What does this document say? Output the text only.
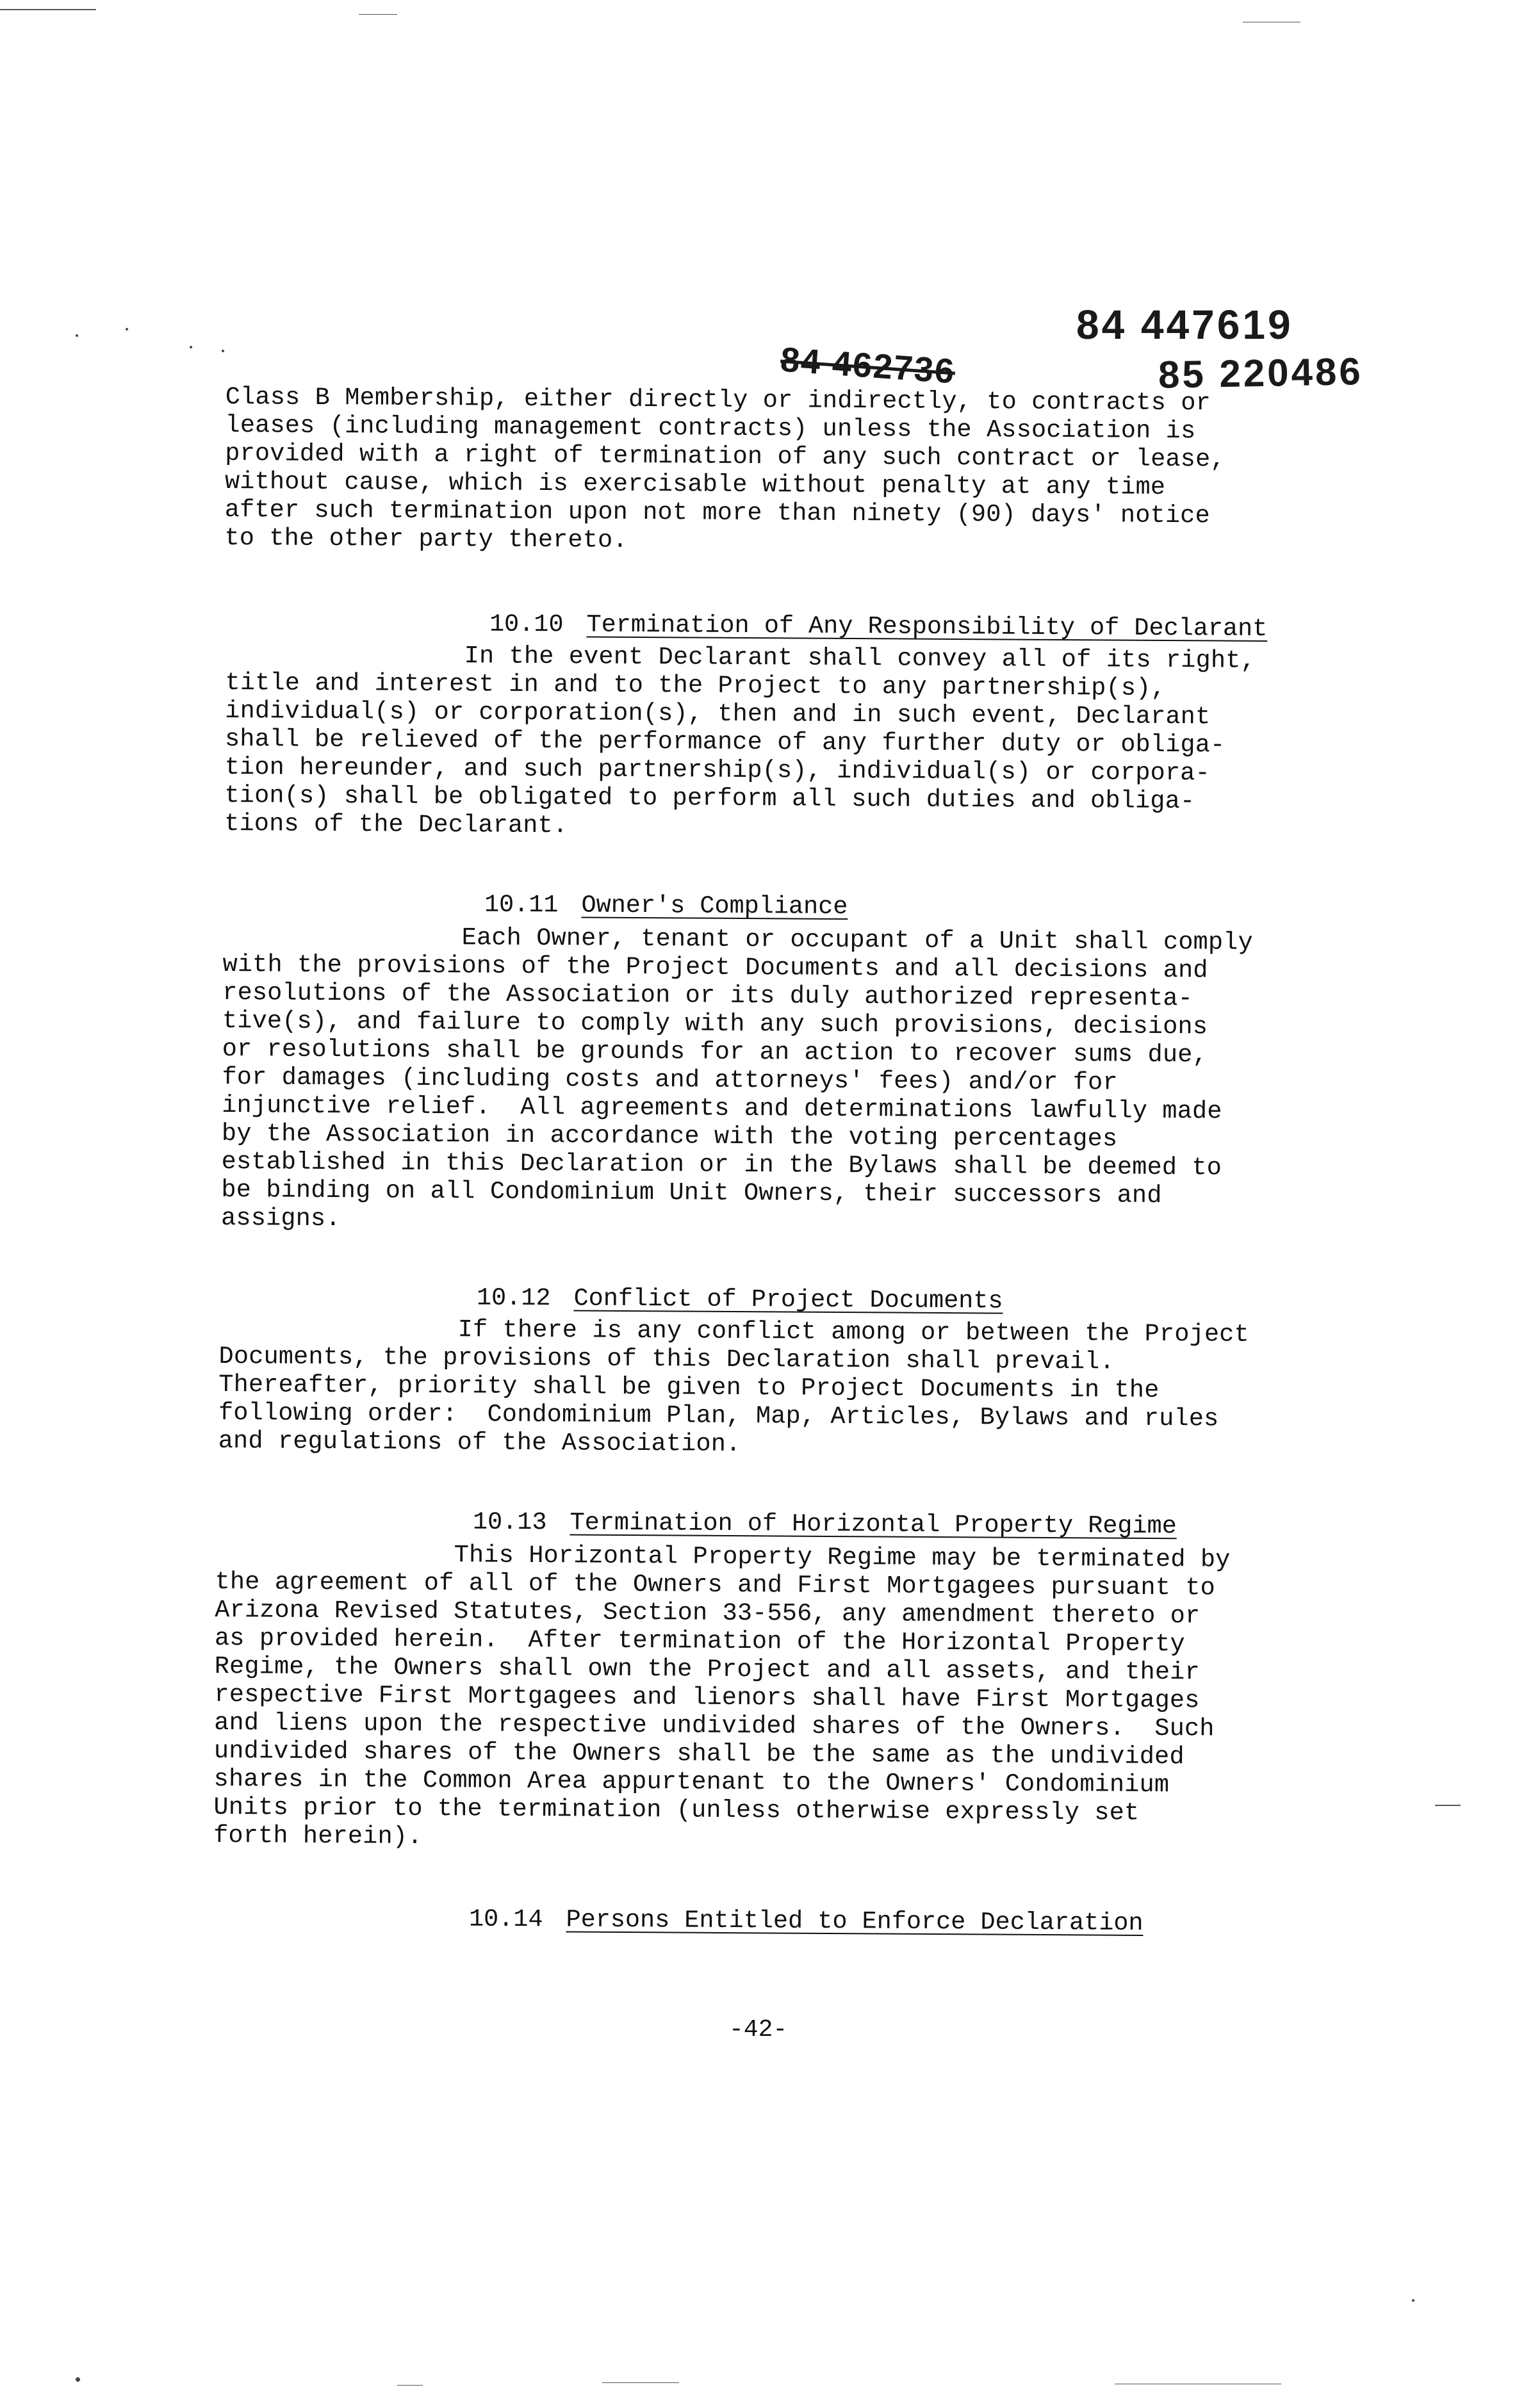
84 447619
84 462736	85 220486
Class B Membership, either directly or indirectly, to contracts or
leases (including management contracts) unless the Association is
provided with a right of termination of any such contract or lease,
without cause, which is exercisable without penalty at any time
after such termination upon not more than ninety (90) days' notice
to the other party thereto.

10.10 Termination of Any Responsibility of Declarant

In the event Declarant shall convey all of its right,
title and interest in and to the Project to any partnership(s),
individual(s) or corporation(s), then and in such event, Declarant
shall be relieved of the performance of any further duty or obliga-
tion hereunder, and such partnership(s), individual(s) or corpora-
tion(s) shall be obligated to perform all such duties and obliga-
tions of the Declarant.

10.11 Owner's Compliance

Each Owner, tenant or occupant of a Unit shall comply
with the provisions of the Project Documents and all decisions and
resolutions of the Association or its duly authorized representa-
tive(s), and failure to comply with any such provisions, decisions
or resolutions shall be grounds for an action to recover sums due,
for damages (including costs and attorneys' fees) and/or for
injunctive relief.  All agreements and determinations lawfully made
by the Association in accordance with the voting percentages
established in this Declaration or in the Bylaws shall be deemed to
be binding on all Condominium Unit Owners, their successors and
assigns.

10.12 Conflict of Project Documents

If there is any conflict among or between the Project
Documents, the provisions of this Declaration shall prevail.
Thereafter, priority shall be given to Project Documents in the
following order:  Condominium Plan, Map, Articles, Bylaws and rules
and regulations of the Association.

10.13 Termination of Horizontal Property Regime

This Horizontal Property Regime may be terminated by
the agreement of all of the Owners and First Mortgagees pursuant to
Arizona Revised Statutes, Section 33-556, any amendment thereto or
as provided herein.  After termination of the Horizontal Property
Regime, the Owners shall own the Project and all assets, and their
respective First Mortgagees and lienors shall have First Mortgages
and liens upon the respective undivided shares of the Owners.  Such
undivided shares of the Owners shall be the same as the undivided
shares in the Common Area appurtenant to the Owners' Condominium
Units prior to the termination (unless otherwise expressly set
forth herein).

10.14 Persons Entitled to Enforce Declaration

-42-
